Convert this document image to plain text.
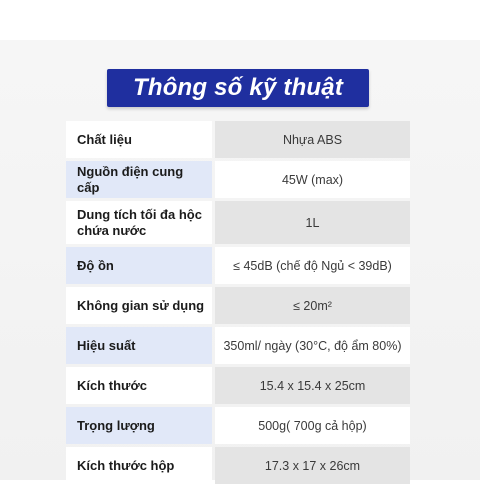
Thông số kỹ thuật
Chất liệu	Nhựa ABS
Nguồn điện cung cấp	45W (max)
Dung tích tối đa hộc chứa nước	1L
Độ ồn	≤ 45dB (chế độ Ngủ < 39dB)
Không gian sử dụng	≤ 20m²
Hiệu suất	350ml/ ngày (30°C, độ ẩm 80%)
Kích thước	15.4 x 15.4 x 25cm
Trọng lượng	500g( 700g cả hộp)
Kích thước hộp	17.3 x 17 x 26cm
